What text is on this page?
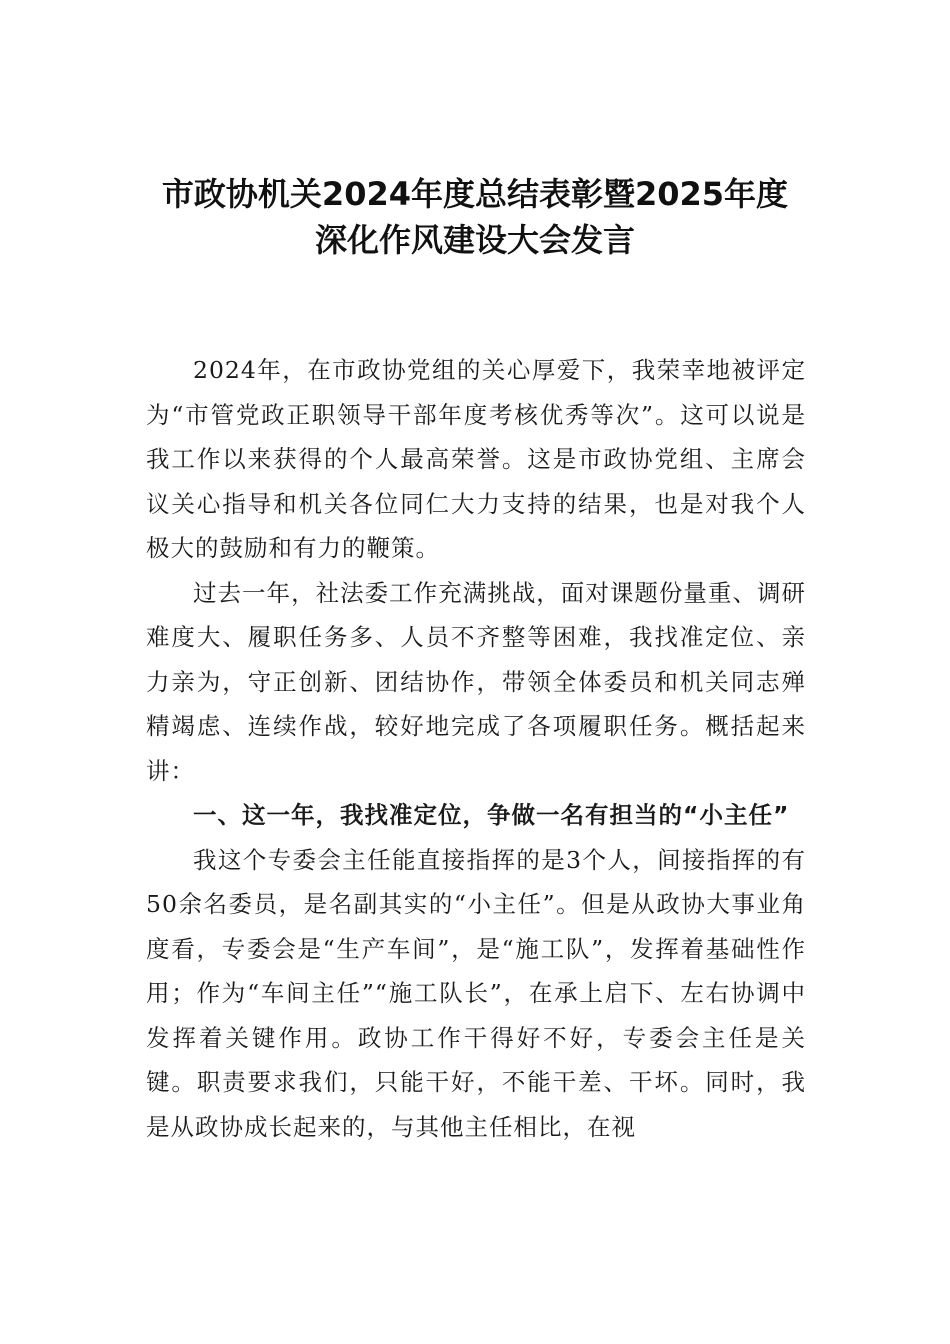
市政协机关2024年度总结表彰暨2025年度
深化作风建设大会发言

2024年，在市政协党组的关心厚爱下，我荣幸地被评定为“市管党政正职领导干部年度考核优秀等次”。这可以说是我工作以来获得的个人最高荣誉。这是市政协党组、主席会议关心指导和机关各位同仁大力支持的结果，也是对我个人极大的鼓励和有力的鞭策。

过去一年，社法委工作充满挑战，面对课题份量重、调研难度大、履职任务多、人员不齐整等困难，我找准定位、亲力亲为，守正创新、团结协作，带领全体委员和机关同志殚精竭虑、连续作战，较好地完成了各项履职任务。概括起来讲：

一、这一年，我找准定位，争做一名有担当的“小主任”

我这个专委会主任能直接指挥的是3个人，间接指挥的有50余名委员，是名副其实的“小主任”。但是从政协大事业角度看，专委会是“生产车间”，是“施工队”，发挥着基础性作用；作为“车间主任”“施工队长”，在承上启下、左右协调中发挥着关键作用。政协工作干得好不好，专委会主任是关键。职责要求我们，只能干好，不能干差、干坏。同时，我是从政协成长起来的，与其他主任相比，在视
